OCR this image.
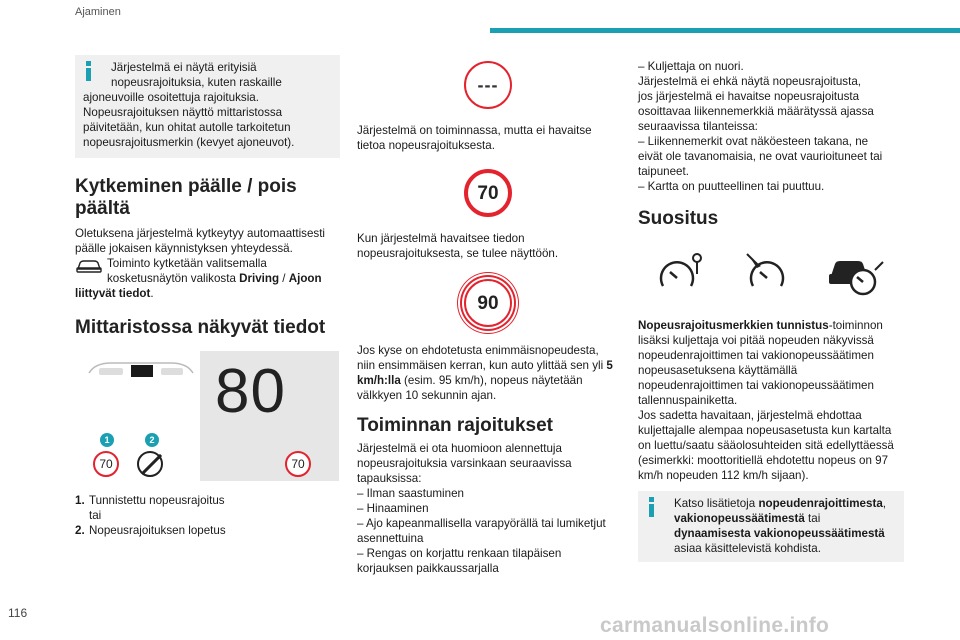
Ajaminen

Järjestelmä ei näytä erityisiä

nopeusrajoituksia, kuten raskaille

ajoneuvoille osoitettuja rajoituksia.

Nopeusrajoituksen näyttö mittaristossa

päivitetään, kun ohitat autolle tarkoitetun

nopeusrajoitusmerkin (kevyet ajoneuvot).

Kytkeminen päälle / pois
päältä

Oletuksena järjestelmä kytkeytyy automaattisesti päälle jokaisen käynnistyksen yhteydessä.

Toiminto kytketään valitsemalla

kosketusnäytön valikosta Driving / Ajoon

liittyvät tiedot.

Mittaristossa näkyvät tiedot
80
1	2
70	70
1. Tunnistettu nopeusrajoitus

tai

2. Nopeusrajoituksen lopetus

---

Järjestelmä on toiminnassa, mutta ei havaitse tietoa nopeusrajoituksesta.

70

Kun järjestelmä havaitsee tiedon nopeusrajoituksesta, se tulee näyttöön.

90

Jos kyse on ehdotetusta enimmäisnopeudesta, niin ensimmäisen kerran, kun auto ylittää sen yli 5 km/h:lla (esim. 95 km/h), nopeus näytetään välkkyen 10 sekunnin ajan.

Toiminnan rajoitukset

Järjestelmä ei ota huomioon alennettuja nopeusrajoituksia varsinkaan seuraavissa tapauksissa:

– Ilman saastuminen

– Hinaaminen

– Ajo kapeanmallisella varapyörällä tai lumiketjut asennettuina

– Rengas on korjattu renkaan tilapäisen korjauksen paikkaussarjalla

– Kuljettaja on nuori.

Järjestelmä ei ehkä näytä nopeusrajoitusta,

jos järjestelmä ei havaitse nopeusrajoitusta

osoittavaa liikennemerkkiä määrätyssä ajassa

seuraavissa tilanteissa:

– Liikennemerkit ovat näköesteen takana, ne

eivät ole tavanomaisia, ne ovat vaurioituneet tai

taipuneet.

– Kartta on puutteellinen tai puuttuu.

Suositus

Nopeusrajoitusmerkkien tunnistus-toiminnon lisäksi kuljettaja voi pitää nopeuden näkyvissä nopeudenrajoittimen tai vakionopeussäätimen nopeusasetuksena käyttämällä nopeudenrajoittimen tai vakionopeussäätimen tallennuspainiketta.

Jos sadetta havaitaan, järjestelmä ehdottaa kuljettajalle alempaa nopeusasetusta kun kartalta on luettu/saatu sääolosuhteiden sitä edellyttäessä (esimerkki: moottoritiellä ehdotettu nopeus on 97 km/h nopeuden 112 km/h sijaan).

Katso lisätietoja nopeudenrajoittimesta, vakionopeussäätimestä tai dynaamisesta vakionopeussäätimestä asiaa käsittelevistä kohdista.

116
carmanualsonline.info
